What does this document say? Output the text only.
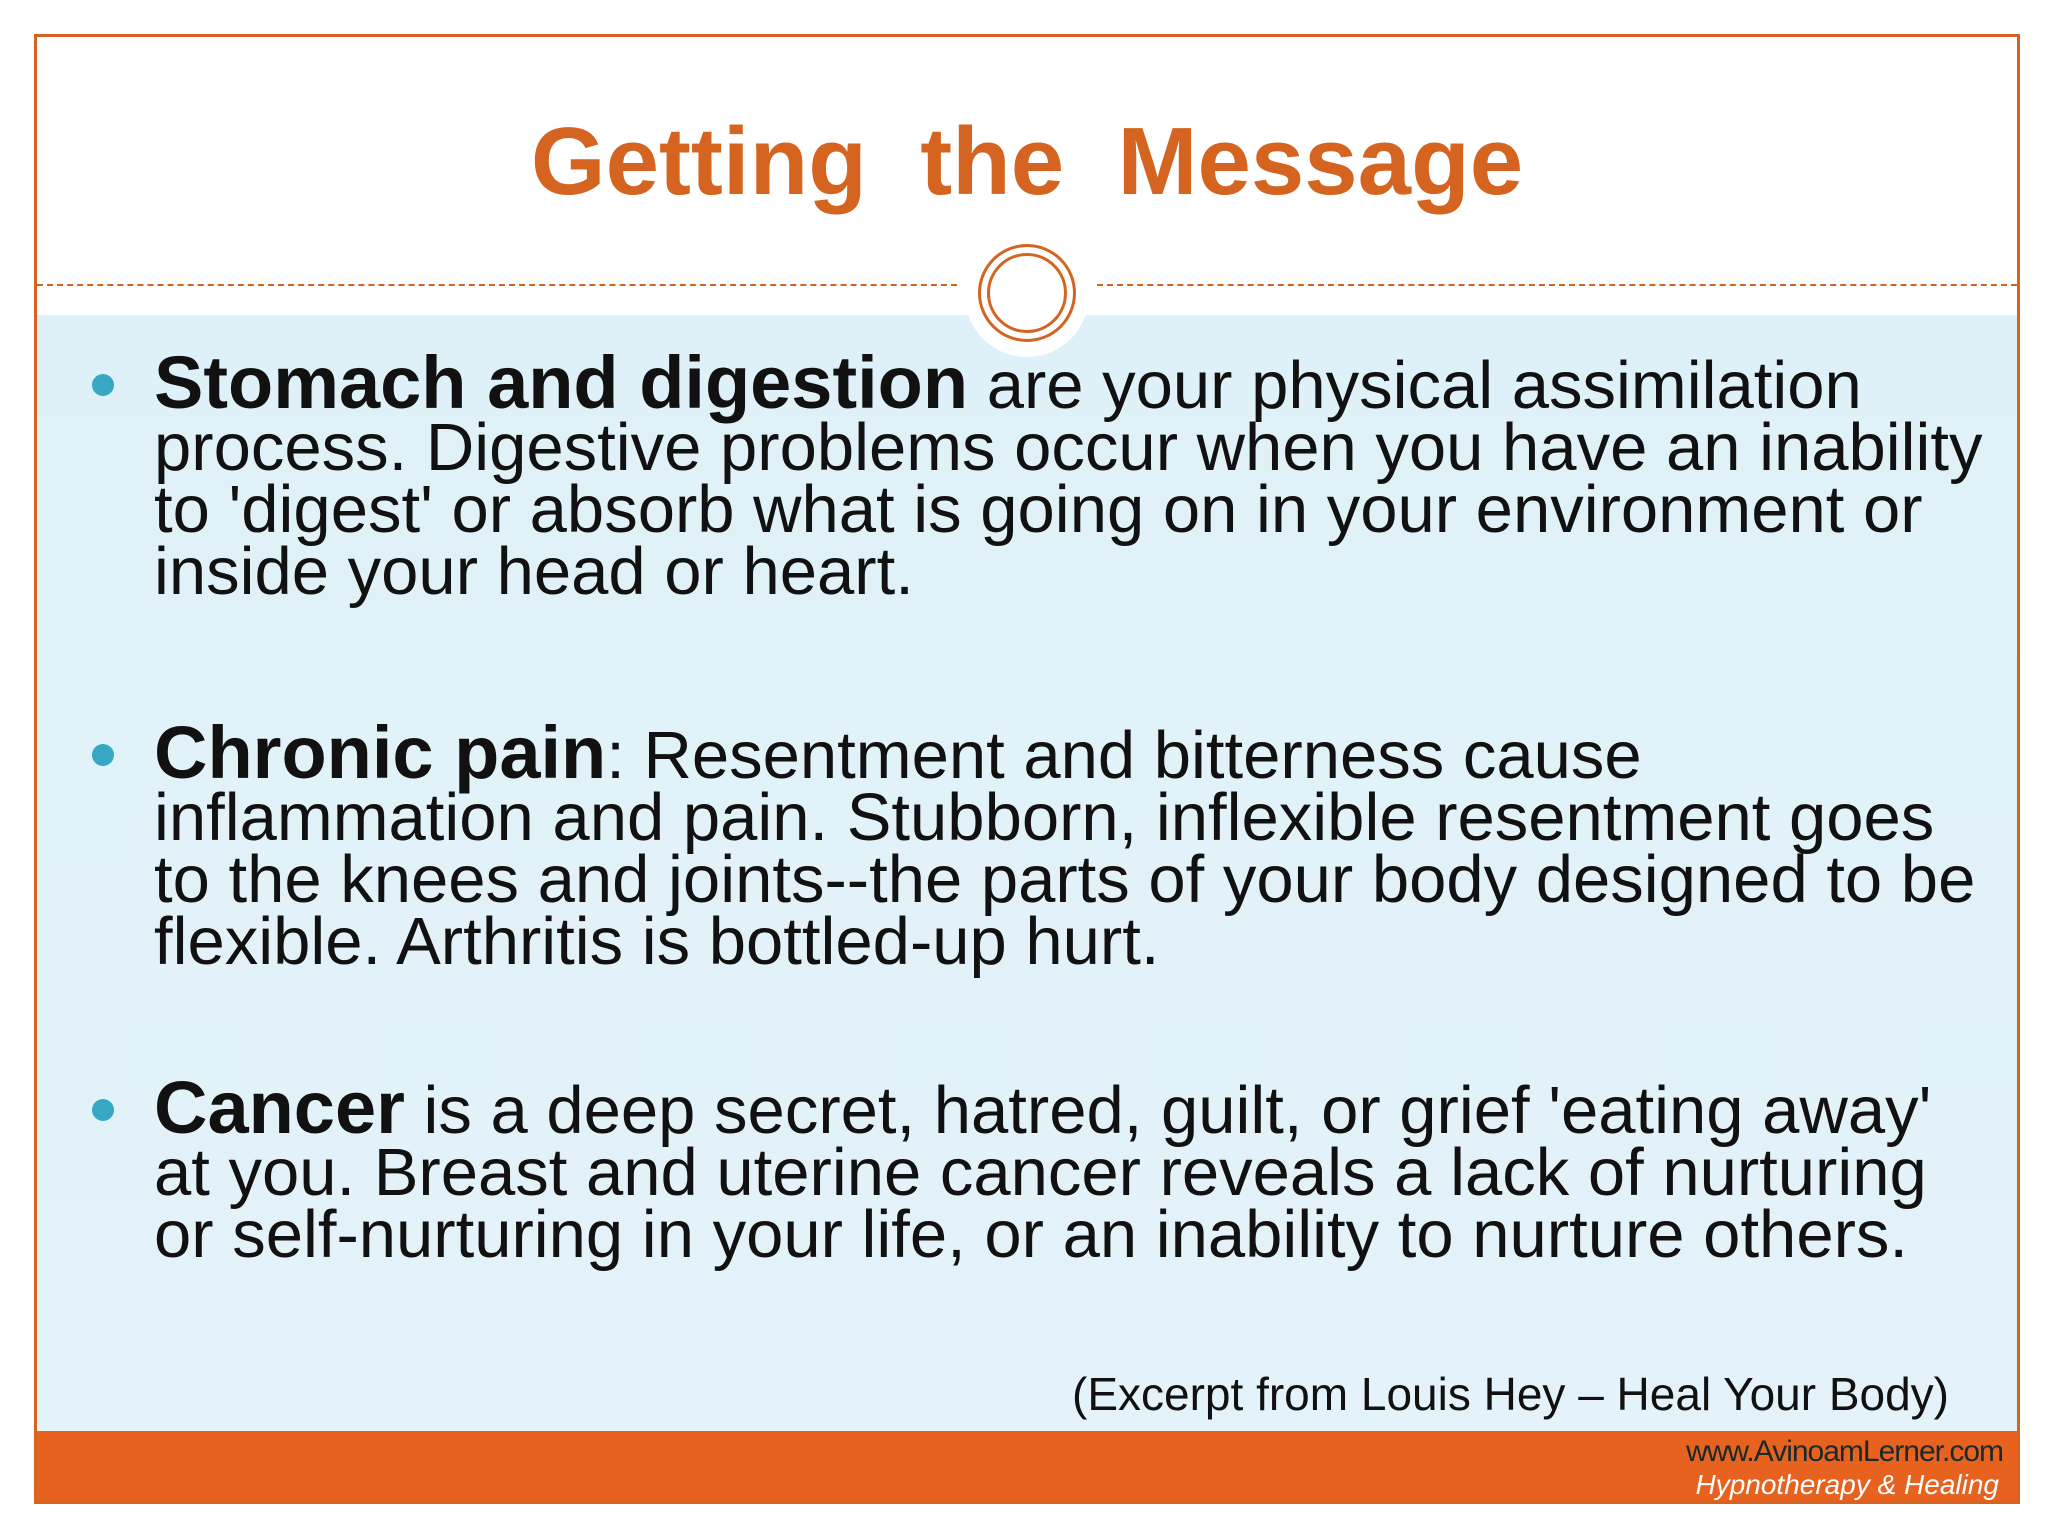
Getting  the  Message
Stomach and digestion are your physical assimilation process. Digestive problems occur when you have an inability to 'digest' or absorb what is going on in your environment or inside your head or heart.
Chronic pain: Resentment and bitterness cause inflammation and pain. Stubborn, inflexible resentment goes to the knees and joints--the parts of your body designed to be flexible. Arthritis is bottled-up hurt.
Cancer is a deep secret, hatred, guilt, or grief 'eating away' at you. Breast and uterine cancer reveals a lack of nurturing or self-nurturing in your life, or an inability to nurture others.
(Excerpt from Louis Hey – Heal Your Body)
www.AvinoamLerner.com
Hypnotherapy & Healing
